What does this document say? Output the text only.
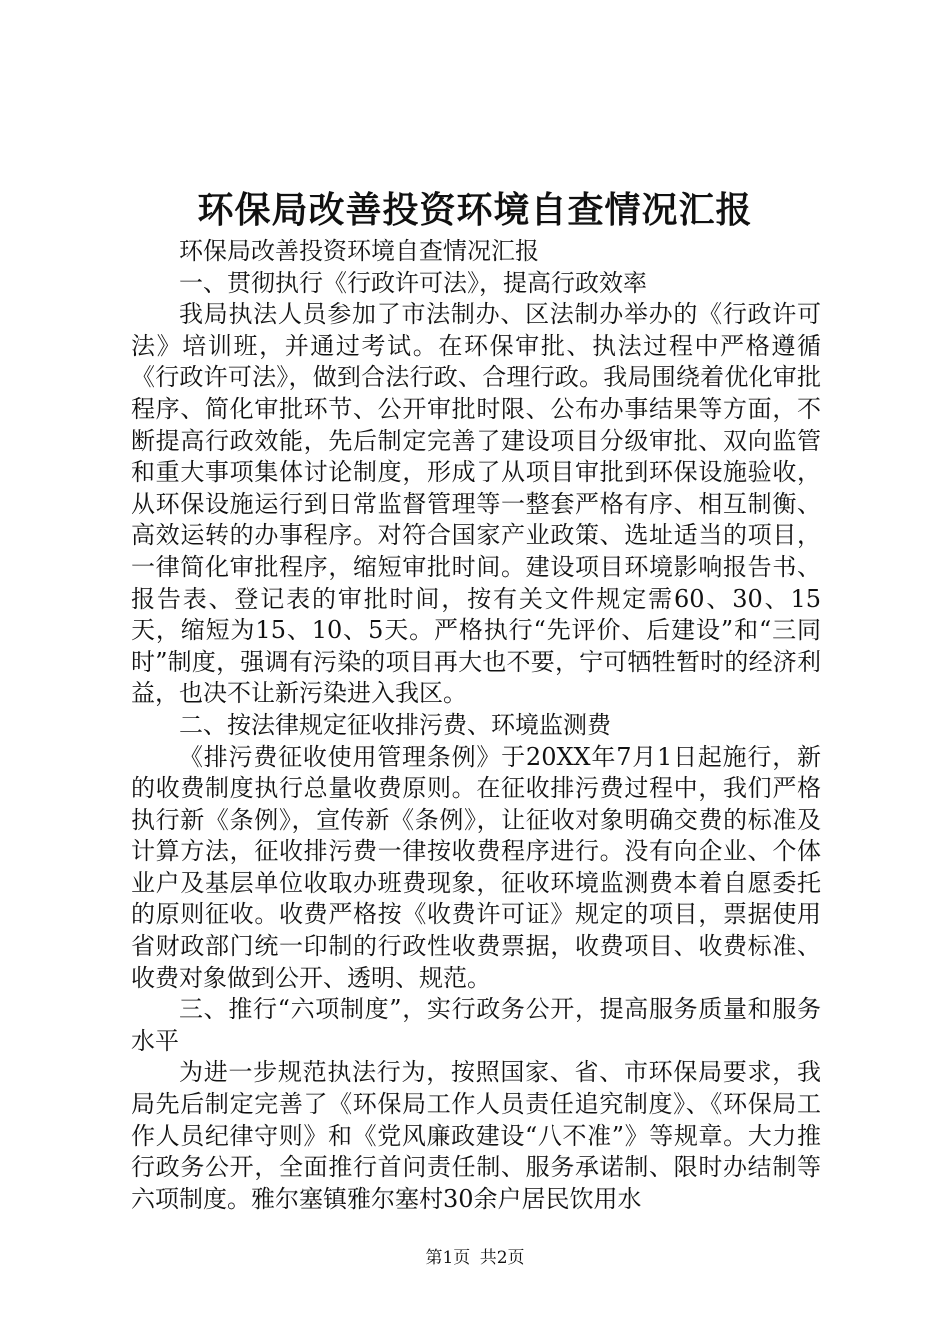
环保局改善投资环境自查情况汇报

环保局改善投资环境自查情况汇报

一、贯彻执行《行政许可法》，提高行政效率

我局执法人员参加了市法制办、区法制办举办的《行政许可法》培训班，并通过考试。在环保审批、执法过程中严格遵循《行政许可法》，做到合法行政、合理行政。我局围绕着优化审批程序、简化审批环节、公开审批时限、公布办事结果等方面，不断提高行政效能，先后制定完善了建设项目分级审批、双向监管和重大事项集体讨论制度，形成了从项目审批到环保设施验收，从环保设施运行到日常监督管理等一整套严格有序、相互制衡、高效运转的办事程序。对符合国家产业政策、选址适当的项目，一律简化审批程序，缩短审批时间。建设项目环境影响报告书、报告表、登记表的审批时间，按有关文件规定需60、30、15天，缩短为15、10、5天。严格执行“先评价、后建设”和“三同时”制度，强调有污染的项目再大也不要，宁可牺牲暂时的经济利益，也决不让新污染进入我区。

二、按法律规定征收排污费、环境监测费

《排污费征收使用管理条例》于20XX年7月1日起施行，新的收费制度执行总量收费原则。在征收排污费过程中，我们严格执行新《条例》，宣传新《条例》，让征收对象明确交费的标准及计算方法，征收排污费一律按收费程序进行。没有向企业、个体业户及基层单位收取办班费现象，征收环境监测费本着自愿委托的原则征收。收费严格按《收费许可证》规定的项目，票据使用省财政部门统一印制的行政性收费票据，收费项目、收费标准、收费对象做到公开、透明、规范。

三、推行“六项制度”，实行政务公开，提高服务质量和服务水平

为进一步规范执法行为，按照国家、省、市环保局要求，我局先后制定完善了《环保局工作人员责任追究制度》、《环保局工作人员纪律守则》和《党风廉政建设“八不准”》等规章。大力推行政务公开，全面推行首问责任制、服务承诺制、限时办结制等六项制度。雅尔塞镇雅尔塞村30余户居民饮用水

第1页 共2页
